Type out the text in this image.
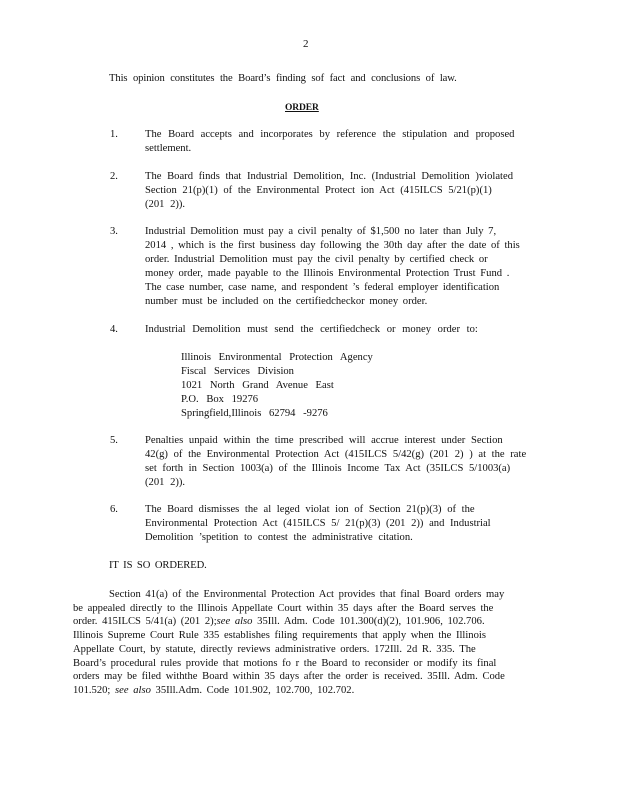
2
This opinion constitutes the Board’s finding sof fact and conclusions of law.
ORDER
1.	The Board accepts and incorporates by reference the stipulation and proposed
settlement.
2.	The Board finds that Industrial Demolition, Inc. (Industrial Demolition )violated
Section 21(p)(1) of the Environmental Protect ion Act (415ILCS 5/21(p)(1)
(201 2)).
3.	Industrial Demolition must pay a civil penalty of $1,500 no later than July 7,
2014 , which is the first business day following the 30th day after the date of this
order. Industrial Demolition must pay the civil penalty by certified check or
money order, made payable to the Illinois Environmental Protection Trust Fund .
The case number, case name, and respondent ’s federal employer identification
number must be included on the certifiedcheckor money order.
4.	Industrial Demolition must send the certifiedcheck or money order to:
Illinois Environmental Protection Agency
Fiscal Services Division
1021 North Grand Avenue East
P.O. Box 19276
Springfield,Illinois 62794 -9276
5.	Penalties unpaid within the time prescribed will accrue interest under Section
42(g) of the Environmental Protection Act (415ILCS 5/42(g) (201 2) ) at the rate
set forth in Section 1003(a) of the Illinois Income Tax Act (35ILCS 5/1003(a)
(201 2)).
6.	The Board dismisses the al leged violat ion of Section 21(p)(3) of the
Environmental Protection Act (415ILCS 5/ 21(p)(3) (201 2)) and Industrial
Demolition ’spetition to contest the administrative citation.
IT IS SO ORDERED.
Section 41(a) of the Environmental Protection Act provides that final Board orders may
be appealed directly to the Illinois Appellate Court within 35 days after the Board serves the
order. 415ILCS 5/41(a) (201 2);see also 35Ill. Adm. Code 101.300(d)(2), 101.906, 102.706.
Illinois Supreme Court Rule 335 establishes filing requirements that apply when the Illinois
Appellate Court, by statute, directly reviews administrative orders. 172Ill. 2d R. 335. The
Board’s procedural rules provide that motions fo r the Board to reconsider or modify its final
orders may be filed withthe Board within 35 days after the order is received. 35Ill. Adm. Code
101.520; see also 35Ill.Adm. Code 101.902, 102.700, 102.702.
